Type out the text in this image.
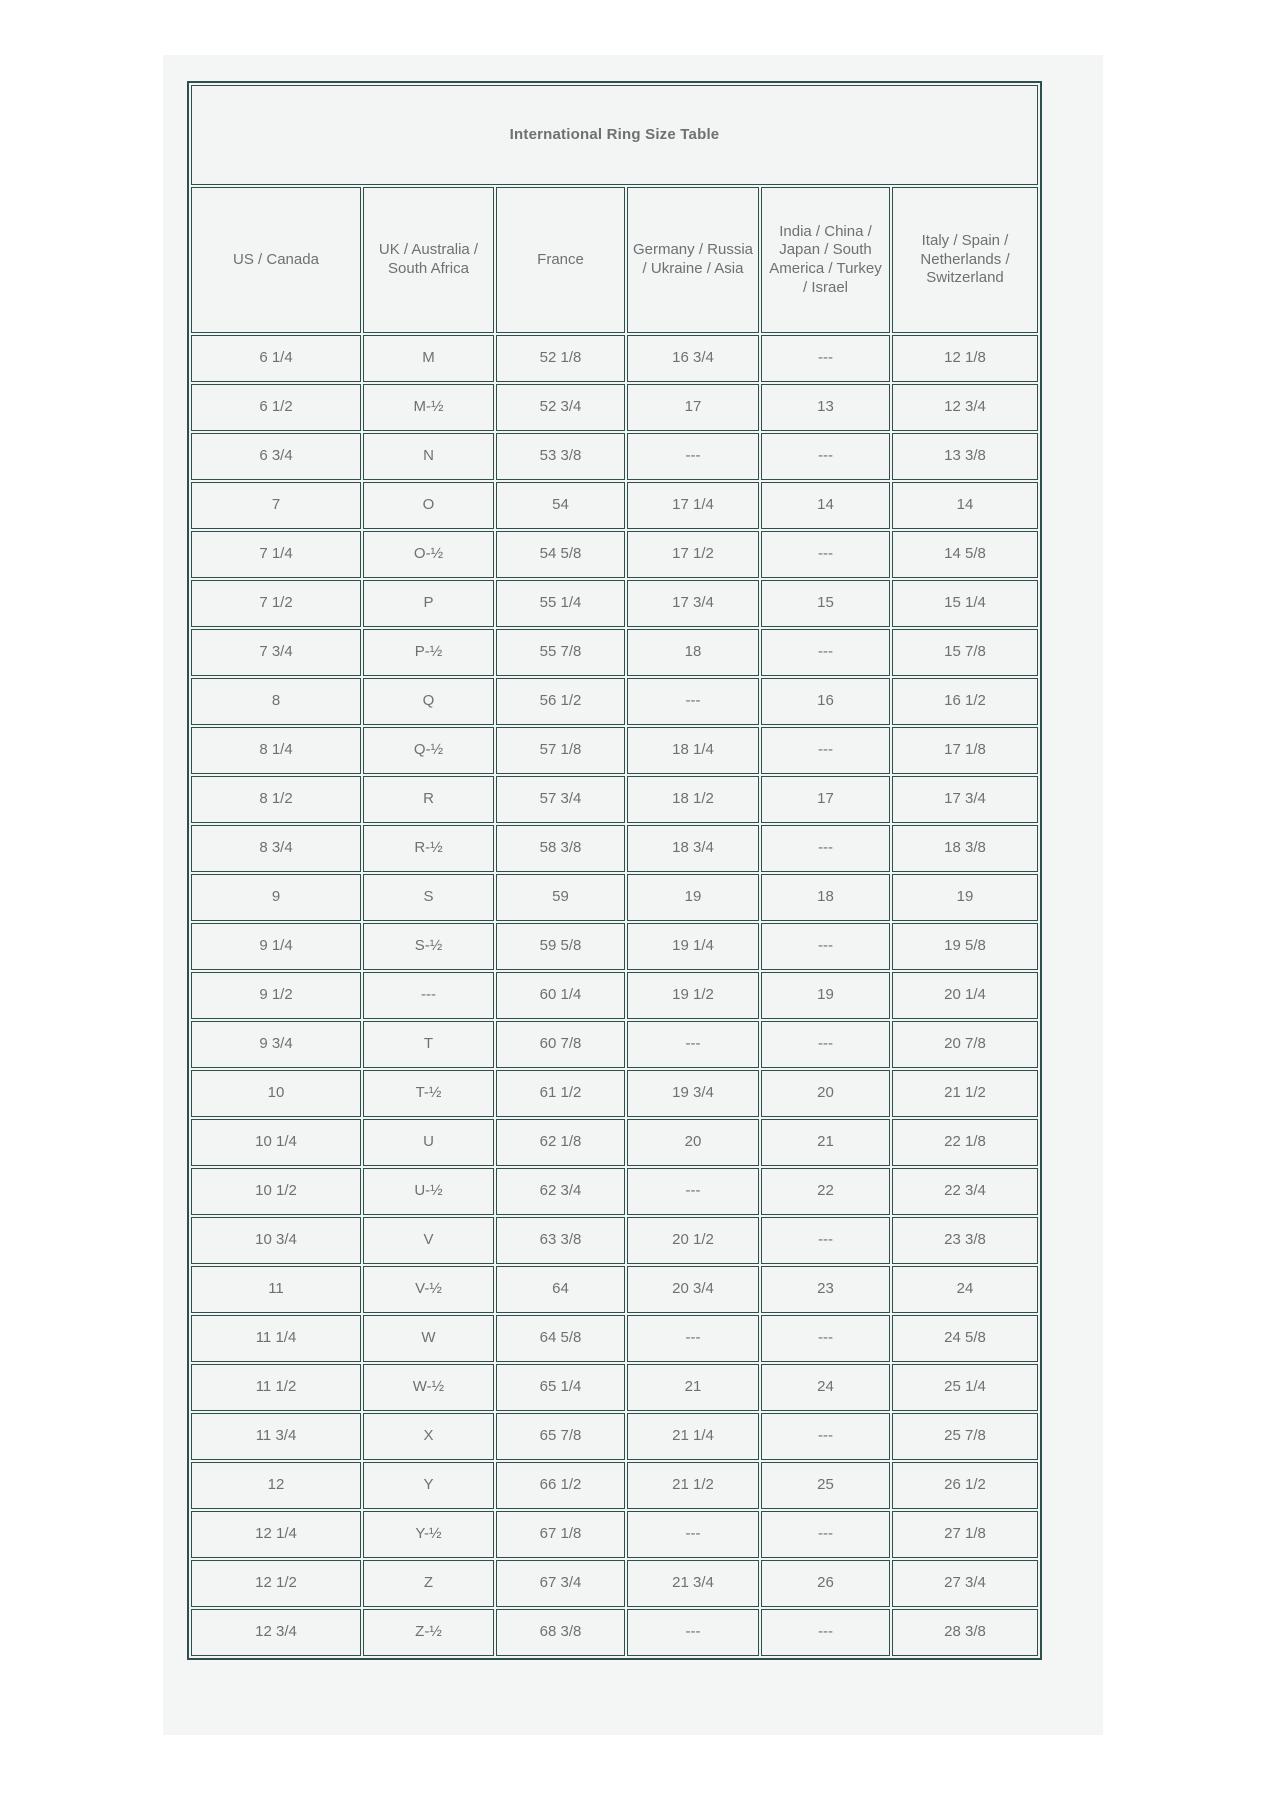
International Ring Size Table					
US / Canada	UK / Australia / South Africa	France	Germany / Russia / Ukraine / Asia	India / China / Japan / South America / Turkey / Israel	Italy / Spain / Netherlands / Switzerland
6 1/4	M	52 1/8	16 3/4	---	12 1/8
6 1/2	M-½	52 3/4	17	13	12 3/4
6 3/4	N	53 3/8	---	---	13 3/8
7	O	54	17 1/4	14	14
7 1/4	O-½	54 5/8	17 1/2	---	14 5/8
7 1/2	P	55 1/4	17 3/4	15	15 1/4
7 3/4	P-½	55 7/8	18	---	15 7/8
8	Q	56 1/2	---	16	16 1/2
8 1/4	Q-½	57 1/8	18 1/4	---	17 1/8
8 1/2	R	57 3/4	18 1/2	17	17 3/4
8 3/4	R-½	58 3/8	18 3/4	---	18 3/8
9	S	59	19	18	19
9 1/4	S-½	59 5/8	19 1/4	---	19 5/8
9 1/2	---	60 1/4	19 1/2	19	20 1/4
9 3/4	T	60 7/8	---	---	20 7/8
10	T-½	61 1/2	19 3/4	20	21 1/2
10 1/4	U	62 1/8	20	21	22 1/8
10 1/2	U-½	62 3/4	---	22	22 3/4
10 3/4	V	63 3/8	20 1/2	---	23 3/8
11	V-½	64	20 3/4	23	24
11 1/4	W	64 5/8	---	---	24 5/8
11 1/2	W-½	65 1/4	21	24	25 1/4
11 3/4	X	65 7/8	21 1/4	---	25 7/8
12	Y	66 1/2	21 1/2	25	26 1/2
12 1/4	Y-½	67 1/8	---	---	27 1/8
12 1/2	Z	67 3/4	21 3/4	26	27 3/4
12 3/4	Z-½	68 3/8	---	---	28 3/8
